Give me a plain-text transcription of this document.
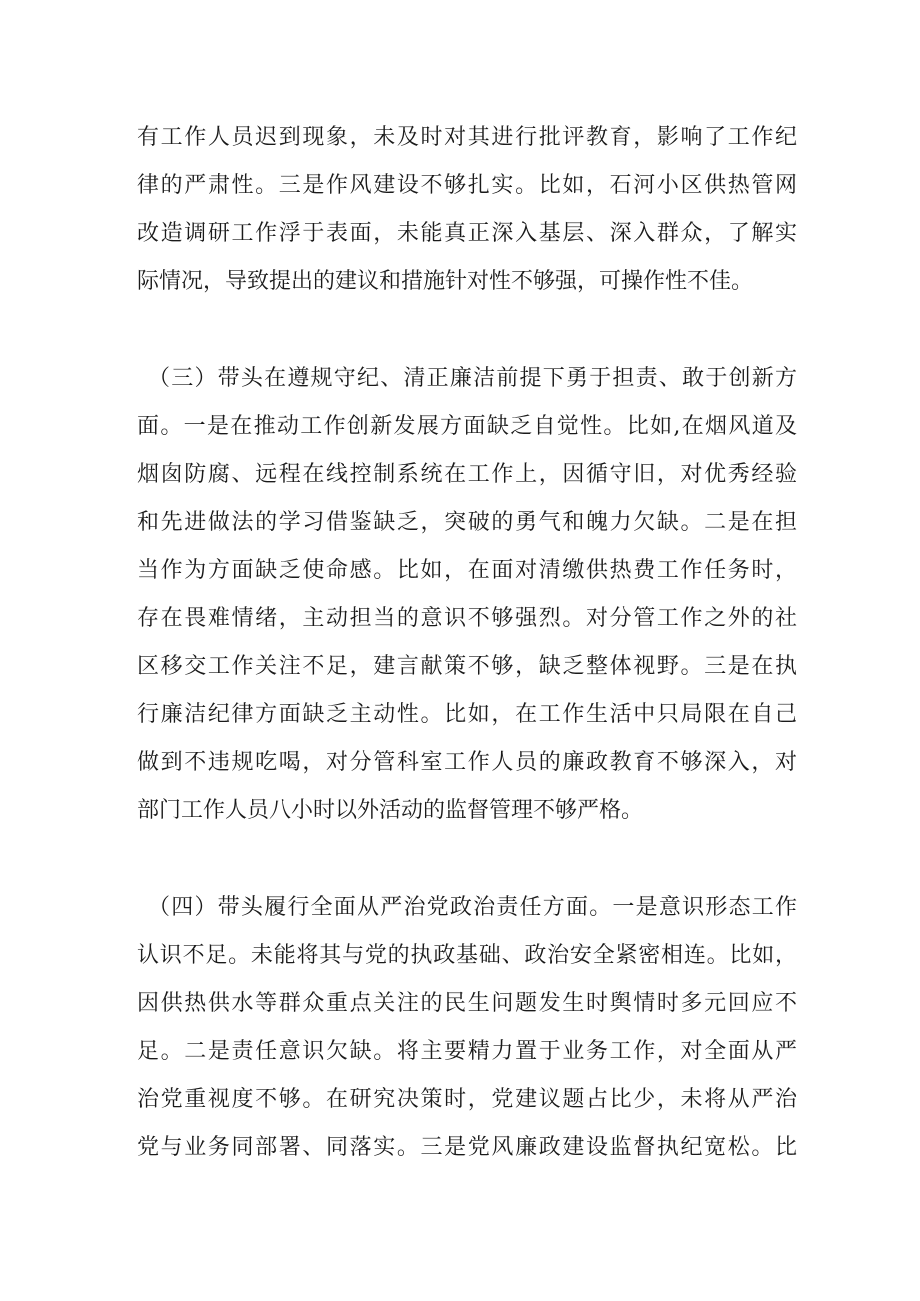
有工作人员迟到现象，未及时对其进行批评教育，影响了工作纪
律的严肃性。三是作风建设不够扎实。比如，石河小区供热管网
改造调研工作浮于表面，未能真正深入基层、深入群众，了解实
际情况，导致提出的建议和措施针对性不够强，可操作性不佳。
（三）带头在遵规守纪、清正廉洁前提下勇于担责、敢于创新方
面。一是在推动工作创新发展方面缺乏自觉性。比如,在烟风道及
烟囱防腐、远程在线控制系统在工作上，因循守旧，对优秀经验
和先进做法的学习借鉴缺乏，突破的勇气和魄力欠缺。二是在担
当作为方面缺乏使命感。比如，在面对清缴供热费工作任务时，
存在畏难情绪，主动担当的意识不够强烈。对分管工作之外的社
区移交工作关注不足，建言献策不够，缺乏整体视野。三是在执
行廉洁纪律方面缺乏主动性。比如，在工作生活中只局限在自己
做到不违规吃喝，对分管科室工作人员的廉政教育不够深入，对
部门工作人员八小时以外活动的监督管理不够严格。
（四）带头履行全面从严治党政治责任方面。一是意识形态工作
认识不足。未能将其与党的执政基础、政治安全紧密相连。比如，
因供热供水等群众重点关注的民生问题发生时舆情时多元回应不
足。二是责任意识欠缺。将主要精力置于业务工作，对全面从严
治党重视度不够。在研究决策时，党建议题占比少，未将从严治
党与业务同部署、同落实。三是党风廉政建设监督执纪宽松。比
